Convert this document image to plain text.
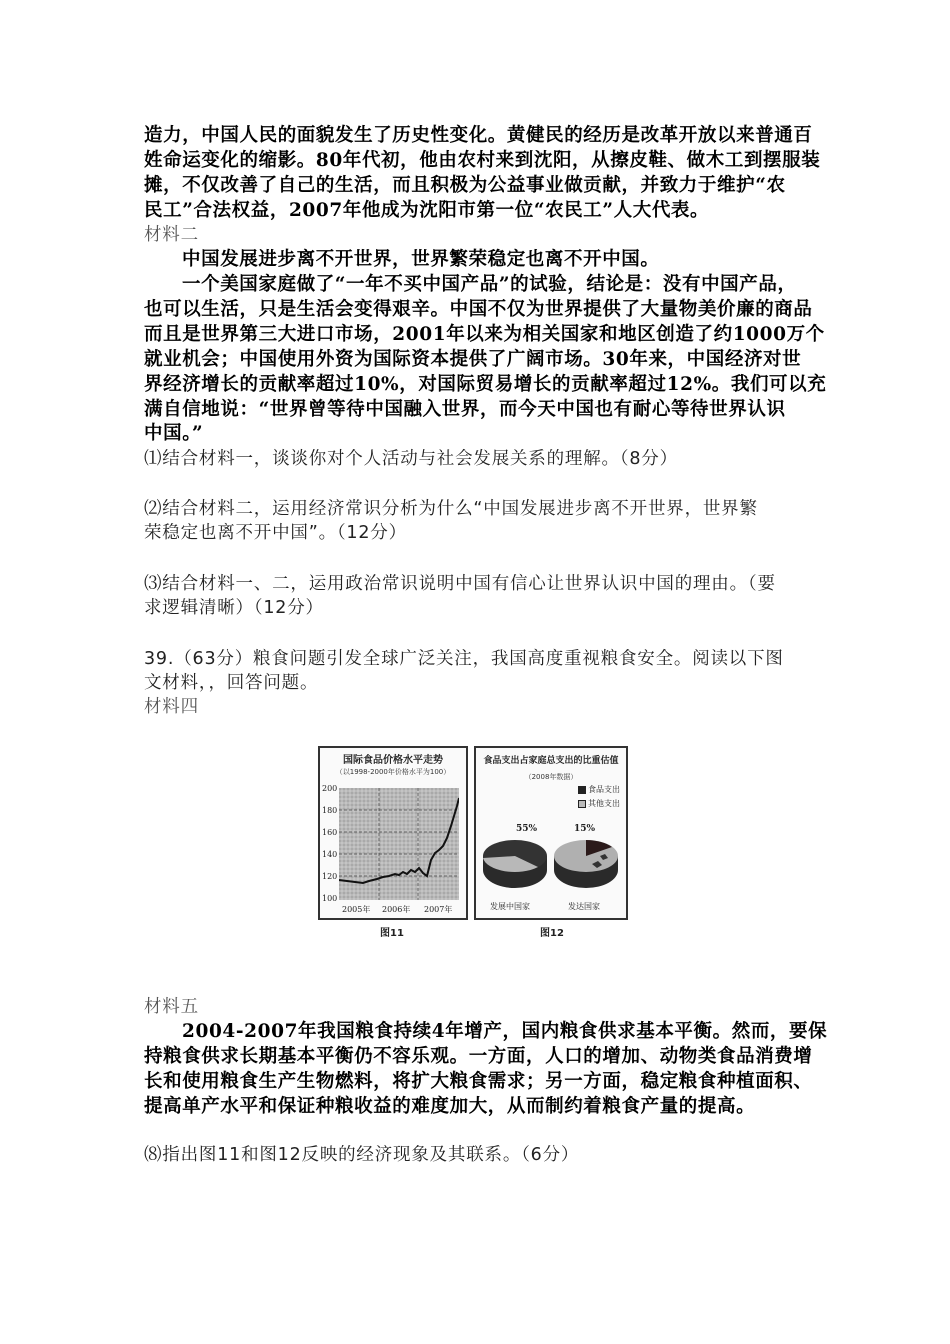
造力，中国人民的面貌发生了历史性变化。黄健民的经历是改革开放以来普通百
姓命运变化的缩影。80年代初，他由农村来到沈阳，从擦皮鞋、做木工到摆服装
摊，不仅改善了自己的生活，而且积极为公益事业做贡献，并致力于维护“农
民工”合法权益，2007年他成为沈阳市第一位“农民工”人大代表。
材料二
中国发展进步离不开世界，世界繁荣稳定也离不开中国。
一个美国家庭做了“一年不买中国产品”的试验，结论是：没有中国产品，
也可以生活，只是生活会变得艰辛。中国不仅为世界提供了大量物美价廉的商品
而且是世界第三大进口市场，2001年以来为相关国家和地区创造了约1000万个
就业机会；中国使用外资为国际资本提供了广阔市场。30年来，中国经济对世
界经济增长的贡献率超过10%，对国际贸易增长的贡献率超过12%。我们可以充
满自信地说：“世界曾等待中国融入世界，而今天中国也有耐心等待世界认识
中国。”
⑴结合材料一，谈谈你对个人活动与社会发展关系的理解。（8分）
⑵结合材料二，运用经济常识分析为什么“中国发展进步离不开世界，世界繁
荣稳定也离不开中国”。（12分）
⑶结合材料一、二，运用政治常识说明中国有信心让世界认识中国的理由。（要
求逻辑清晰）（12分）
39.（63分）粮食问题引发全球广泛关注，我国高度重视粮食安全。阅读以下图
文材料，，回答问题。
材料四
国际食品价格水平走势
（以1998-2000年价格水平为100）
200
180
160
140
120
100
2005年 2006年 2007年
图11
食品支出占家庭总支出的比重估值
（2008年数据）
食品支出
其他支出
55%	15%
发展中国家	发达国家
图12
材料五
2004-2007年我国粮食持续4年增产，国内粮食供求基本平衡。然而，要保
持粮食供求长期基本平衡仍不容乐观。一方面，人口的增加、动物类食品消费增
长和使用粮食生产生物燃料，将扩大粮食需求；另一方面，稳定粮食种植面积、
提高单产水平和保证种粮收益的难度加大，从而制约着粮食产量的提高。
⑻指出图11和图12反映的经济现象及其联系。（6分）
